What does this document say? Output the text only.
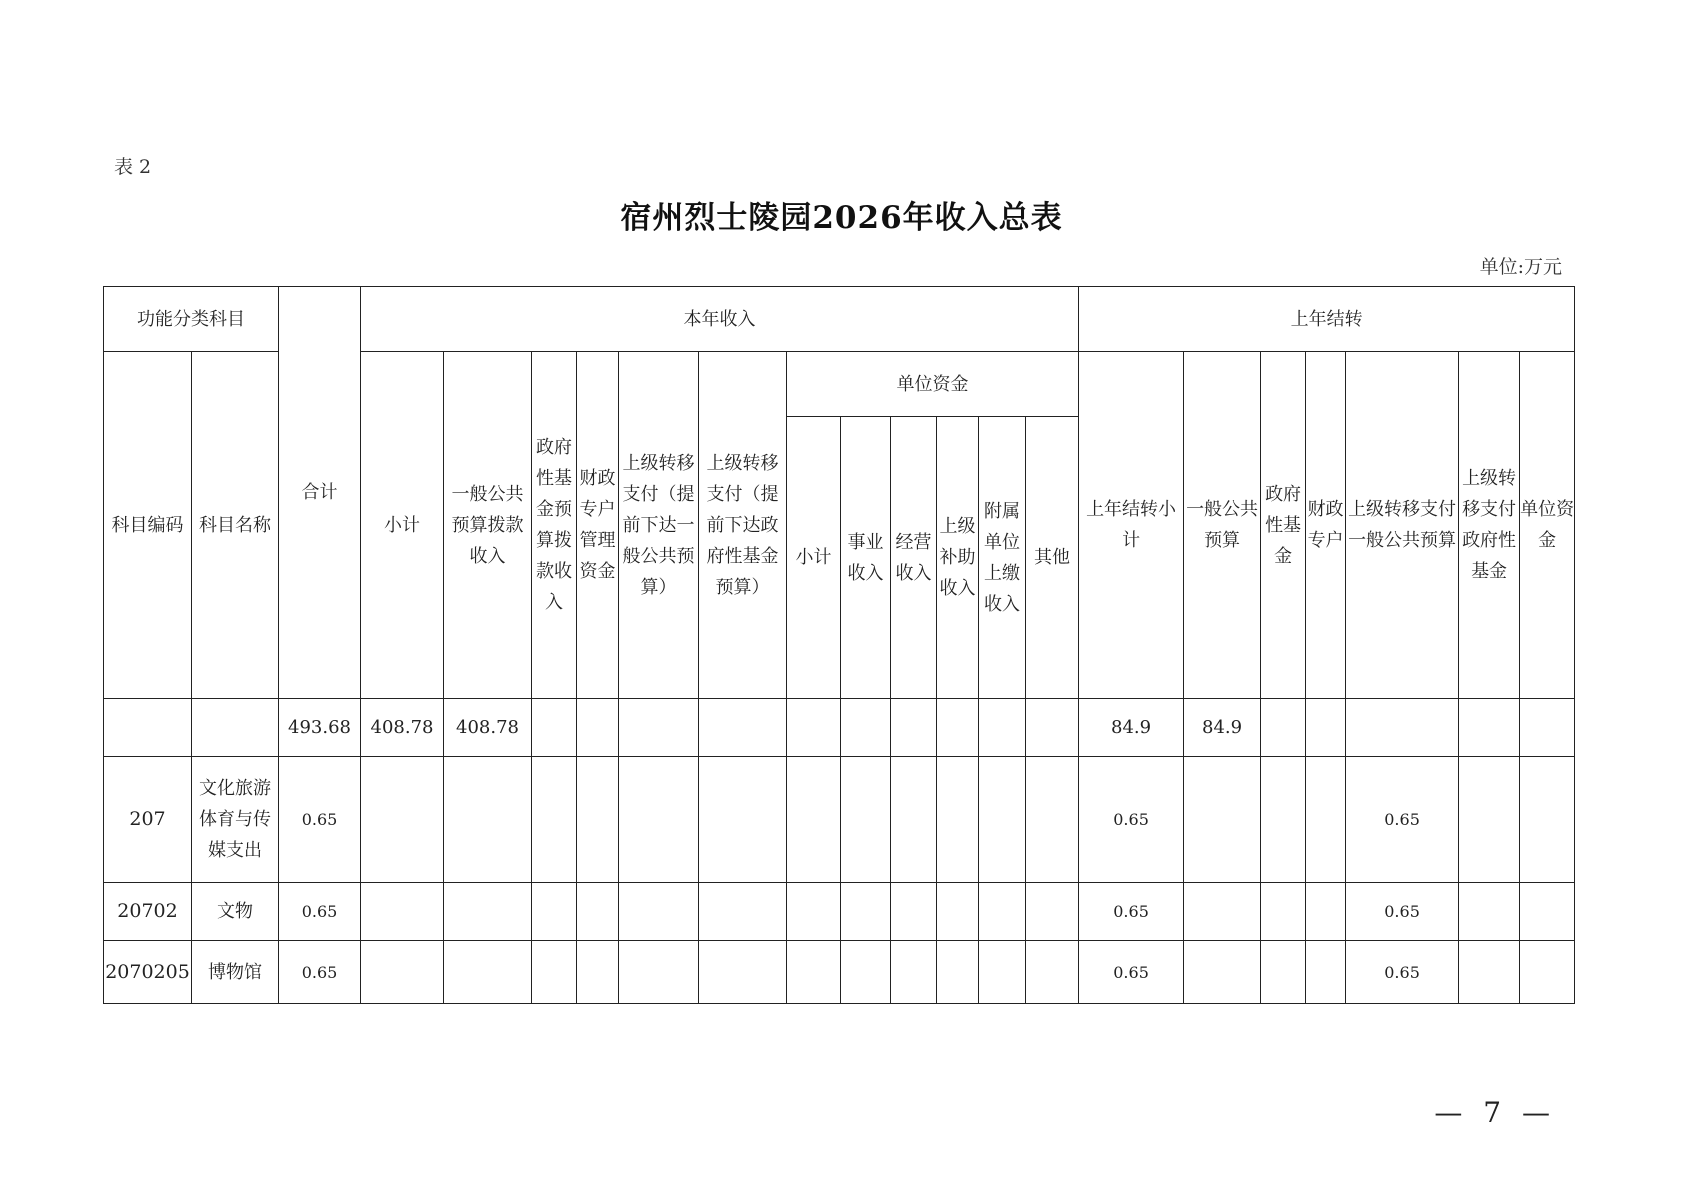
表 2
宿州烈士陵园2026年收入总表
单位:万元
功能分类科目		合计	本年收入												上年结转						
科目编码	科目名称		小计	一般公共预算拨款收入	政府性基金预算拨款收入	财政专户管理资金	上级转移支付（提前下达一般公共预算）	上级转移支付（提前下达政府性基金预算）	单位资金						上年结转小计	一般公共预算	政府性基金	财政专户	上级转移支付一般公共预算	上级转移支付政府性基金	单位资金
									小计	事业收入	经营收入	上级补助收入	附属单位上缴收入	其他							
		493.68	408.78	408.78											84.9	84.9					
207	文化旅游体育与传媒支出	0.65													0.65				0.65		
20702	文物	0.65													0.65				0.65		
2070205	博物馆	0.65													0.65				0.65		
— 7 —
